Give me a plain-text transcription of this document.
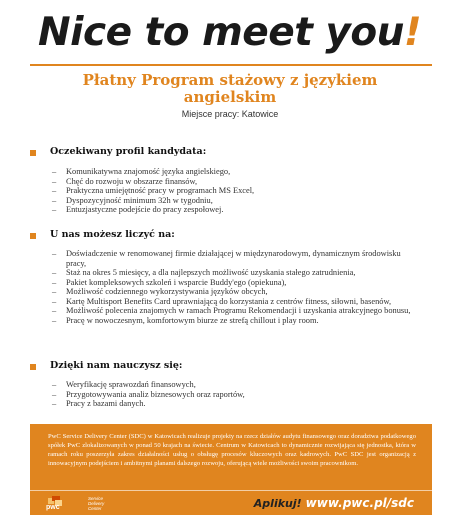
Nice to meet you!
Płatny Program stażowy z językiem angielskim
Miejsce pracy: Katowice
Oczekiwany profil kandydata:
– Komunikatywna znajomość języka angielskiego,
– Chęć do rozwoju w obszarze finansów,
– Praktyczna umiejętność pracy w programach MS Excel,
– Dyspozycyjność minimum 32h w tygodniu,
– Entuzjastyczne podejście do pracy zespołowej.
U nas możesz liczyć na:
– Doświadczenie w renomowanej firmie działającej w międzynarodowym, dynamicznym środowisku pracy,
– Staż na okres 5 miesięcy, a dla najlepszych możliwość uzyskania stałego zatrudnienia,
– Pakiet kompleksowych szkoleń i wsparcie Buddy'ego (opiekuna),
– Możliwość codziennego wykorzystywania języków obcych,
– Kartę Multisport Benefits Card uprawniającą do korzystania z centrów fitness, siłowni, basenów,
– Możliwość polecenia znajomych w ramach Programu Rekomendacji i uzyskania atrakcyjnego bonusu,
– Pracę w nowoczesnym, komfortowym biurze ze strefą chillout i play room.
Dzięki nam nauczysz się:
– Weryfikację sprawozdań finansowych,
– Przygotowywania analiz biznesowych oraz raportów,
– Pracy z bazami danych.
PwC Service Delivery Center (SDC) w Katowicach realizuje projekty na rzecz działów audytu finansowego oraz doradztwa podatkowego spółek PwC zlokalizowanych w ponad 50 krajach na świecie. Centrum w Katowicach to dynamicznie rozwijająca się jednostka, która w ramach roku poszerzyła zakres działalności usług o obsługę procesów kluczowych oraz kadrowych. PwC SDC jest organizacją z innowacyjnym podejściem i ambitnymi planami dalszego rozwoju, oferującą wiele możliwości swoim pracownikom.
pwc
Service Delivery Center	Aplikuj! www.pwc.pl/sdc
